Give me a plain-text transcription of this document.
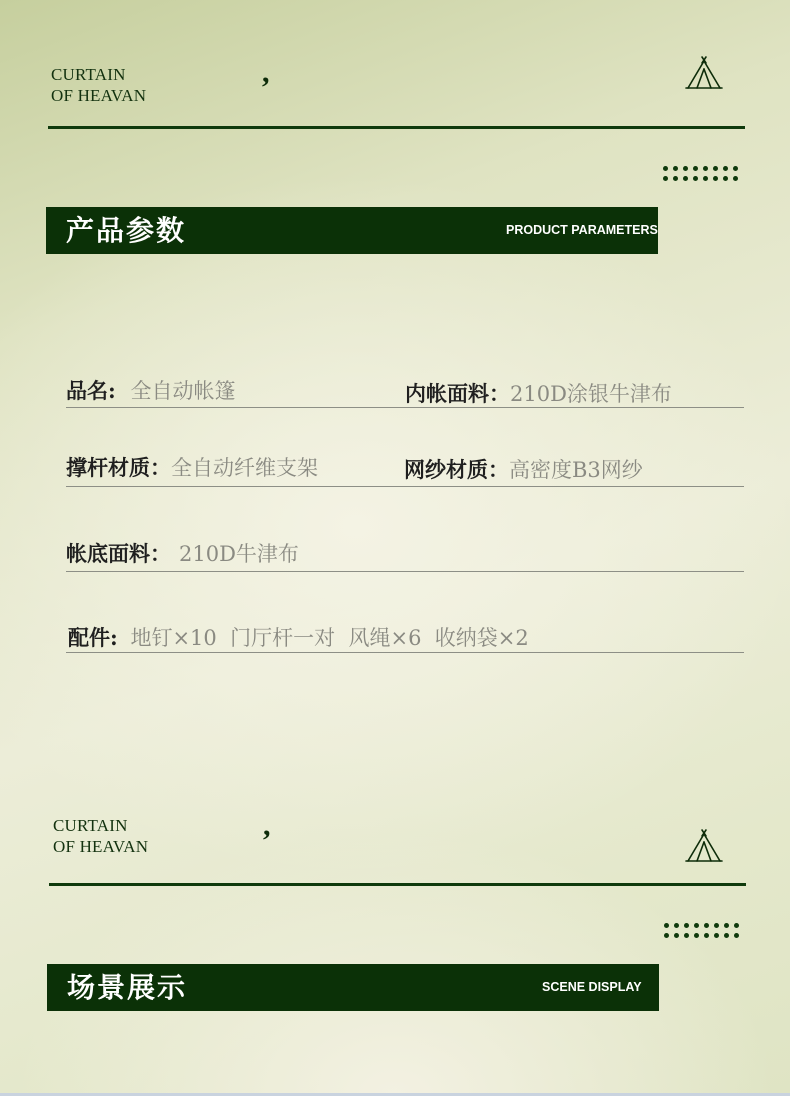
CURTAIN
OF HEAVAN
,
产品参数	PRODUCT PARAMETERS
品名: 全自动帐篷	内帐面料：210D涂银牛津布
撑杆材质：全自动纤维支架	网纱材质：高密度B3网纱
帐底面料： 210D牛津布
配件: 地钉×10  门厅杆一对  风绳×6  收纳袋×2
CURTAIN
OF HEAVAN
,
场景展示	SCENE DISPLAY
